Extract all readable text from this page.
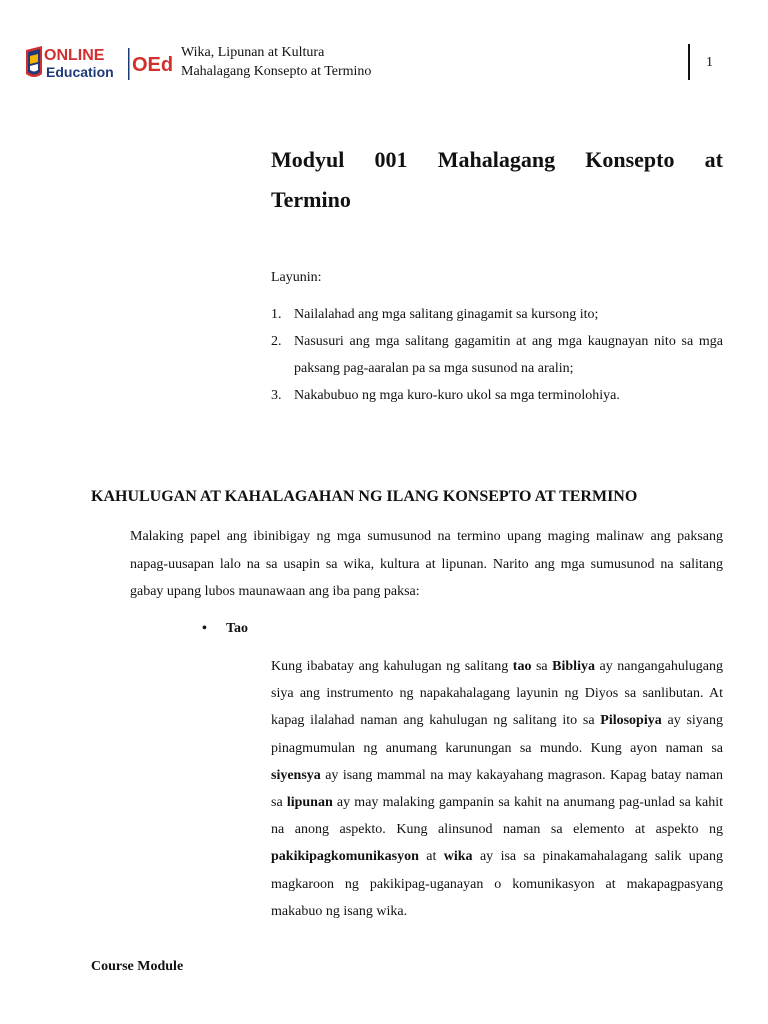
ONLINE
Education OEd
Wika, Lipunan at Kultura
Mahalagang Konsepto at Termino
1
Modyul 001 Mahalagang Konsepto at
Termino
Layunin:
1. Nailalahad ang mga salitang ginagamit sa kursong ito;
2. Nasusuri ang mga salitang gagamitin at ang mga kaugnayan nito sa mga paksang pag-aaralan pa sa mga susunod na aralin;
3. Nakabubuo ng mga kuro-kuro ukol sa mga terminolohiya.
KAHULUGAN AT KAHALAGAHAN NG ILANG KONSEPTO AT TERMINO

Malaking papel ang ibinibigay ng mga sumusunod na termino upang maging malinaw ang paksang napag-uusapan lalo na sa usapin sa wika, kultura at lipunan. Narito ang mga sumusunod na salitang gabay upang lubos maunawaan ang iba pang paksa:

• Tao

Kung ibabatay ang kahulugan ng salitang tao sa Bibliya ay nangangahulugang siya ang instrumento ng napakahalagang layunin ng Diyos sa sanlibutan. At kapag ilalahad naman ang kahulugan ng salitang ito sa Pilosopiya ay siyang pinagmumulan ng anumang karunungan sa mundo. Kung ayon naman sa siyensya ay isang mammal na may kakayahang magrason. Kapag batay naman sa lipunan ay may malaking gampanin sa kahit na anumang pag-unlad sa kahit na anong aspekto. Kung alinsunod naman sa elemento at aspekto ng pakikipagkomunikasyon at wika ay isa sa pinakamahalagang salik upang magkaroon ng pakikipag-uganayan o komunikasyon at makapagpasyang makabuo ng isang wika.

Course Module
